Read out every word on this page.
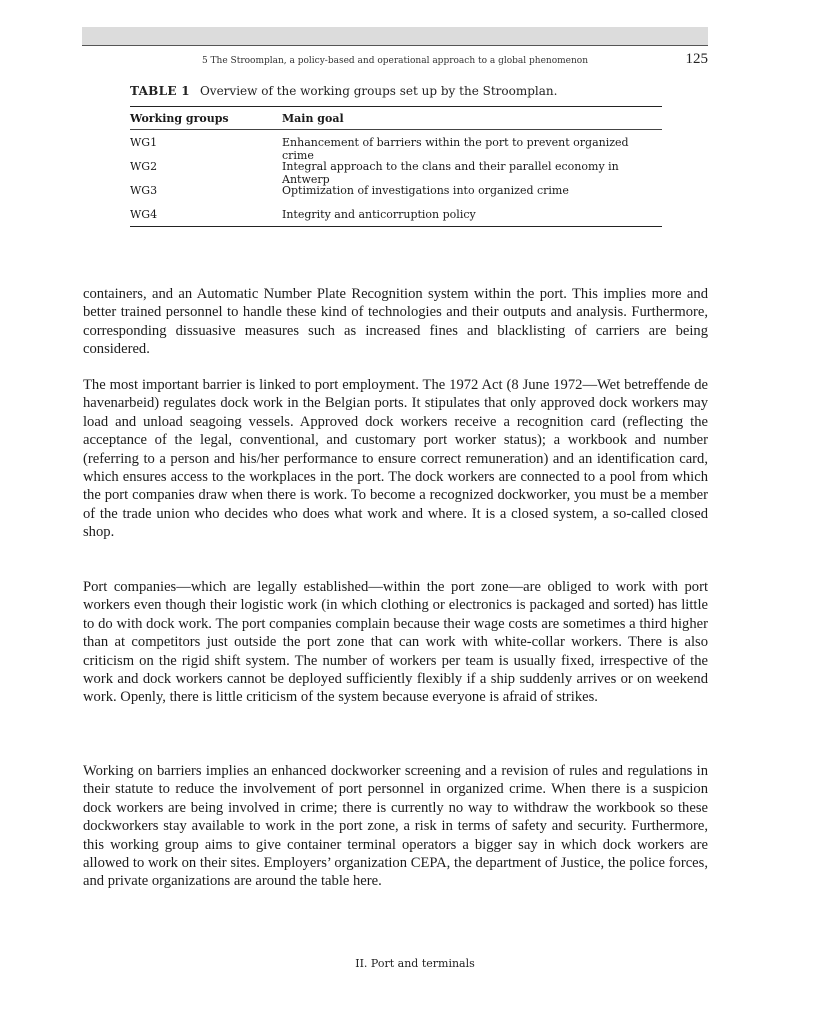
5 The Stroomplan, a policy-based and operational approach to a global phenomenon	125
TABLE 1 Overview of the working groups set up by the Stroomplan.
Working groups	Main goal
WG1	Enhancement of barriers within the port to prevent organized crime
WG2	Integral approach to the clans and their parallel economy in Antwerp
WG3	Optimization of investigations into organized crime
WG4	Integrity and anticorruption policy

containers, and an Automatic Number Plate Recognition system within the port. This implies more and better trained personnel to handle these kind of technologies and their outputs and analysis. Furthermore, corresponding dissuasive measures such as increased fines and blacklisting of carriers are being considered.

The most important barrier is linked to port employment. The 1972 Act (8 June 1972—Wet betreffende de havenarbeid) regulates dock work in the Belgian ports. It stipulates that only approved dock workers may load and unload seagoing vessels. Approved dock workers receive a recognition card (reflecting the acceptance of the legal, conventional, and customary port worker status); a workbook and number (referring to a person and his/her performance to ensure correct remuneration) and an identification card, which ensures access to the workplaces in the port. The dock workers are connected to a pool from which the port companies draw when there is work. To become a recognized dockworker, you must be a member of the trade union who decides who does what work and where. It is a closed system, a so-called closed shop.

Port companies—which are legally established—within the port zone—are obliged to work with port workers even though their logistic work (in which clothing or electronics is packaged and sorted) has little to do with dock work. The port companies complain because their wage costs are sometimes a third higher than at competitors just outside the port zone that can work with white-collar workers. There is also criticism on the rigid shift system. The number of workers per team is usually fixed, irrespective of the work and dock workers cannot be deployed sufficiently flexibly if a ship suddenly arrives or on weekend work. Openly, there is little criticism of the system because everyone is afraid of strikes.

Working on barriers implies an enhanced dockworker screening and a revision of rules and regulations in their statute to reduce the involvement of port personnel in organized crime. When there is a suspicion dock workers are being involved in crime; there is currently no way to withdraw the workbook so these dockworkers stay available to work in the port zone, a risk in terms of safety and security. Furthermore, this working group aims to give container terminal operators a bigger say in which dock workers are allowed to work on their sites. Employers’ organization CEPA, the department of Justice, the police forces, and private organizations are around the table here.

II. Port and terminals
